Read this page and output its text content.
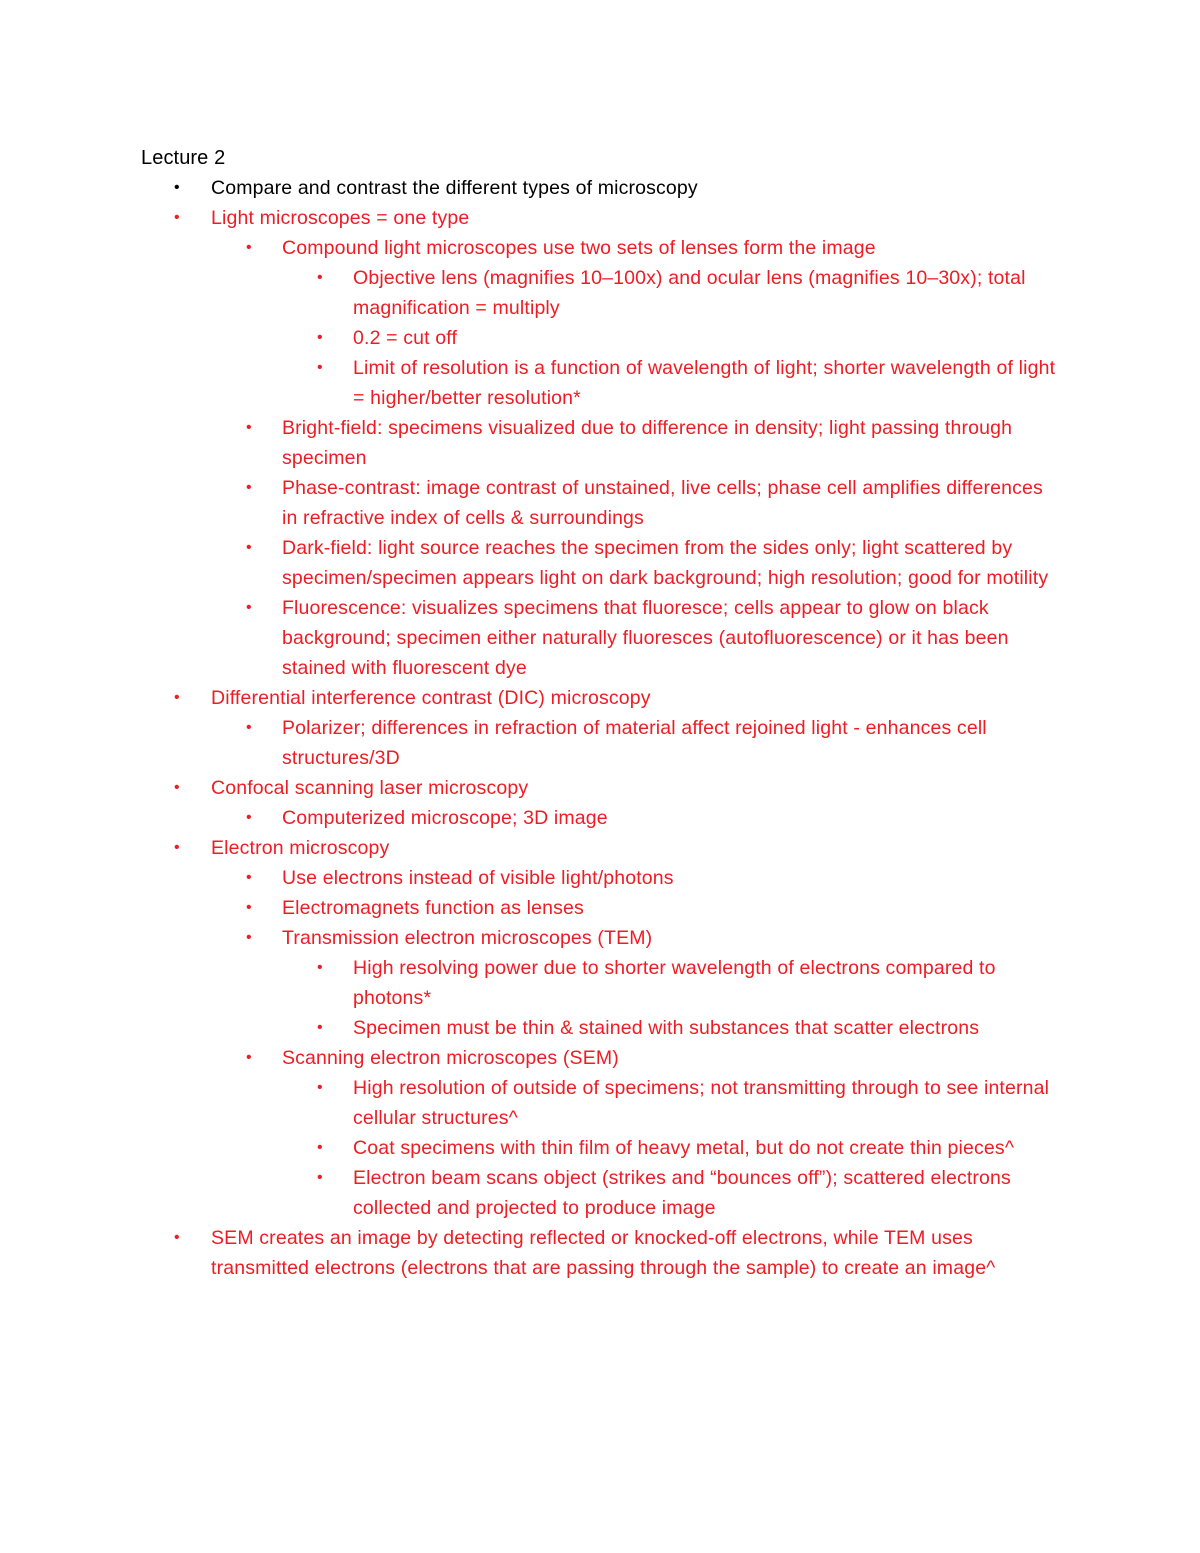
Lecture 2
• Compare and contrast the different types of microscopy
• Light microscopes = one type
• Compound light microscopes use two sets of lenses form the image
• Objective lens (magnifies 10–100x) and ocular lens (magnifies 10–30x); total magnification = multiply
• 0.2 = cut off
• Limit of resolution is a function of wavelength of light; shorter wavelength of light = higher/better resolution*
• Bright-field: specimens visualized due to difference in density; light passing through specimen
• Phase-contrast: image contrast of unstained, live cells; phase cell amplifies differences in refractive index of cells & surroundings
• Dark-field: light source reaches the specimen from the sides only; light scattered by specimen/specimen appears light on dark background; high resolution; good for motility
• Fluorescence: visualizes specimens that fluoresce; cells appear to glow on black background; specimen either naturally fluoresces (autofluorescence) or it has been stained with fluorescent dye
• Differential interference contrast (DIC) microscopy
• Polarizer; differences in refraction of material affect rejoined light - enhances cell structures/3D
• Confocal scanning laser microscopy
• Computerized microscope; 3D image
• Electron microscopy
• Use electrons instead of visible light/photons
• Electromagnets function as lenses
• Transmission electron microscopes (TEM)
• High resolving power due to shorter wavelength of electrons compared to photons*
• Specimen must be thin & stained with substances that scatter electrons
• Scanning electron microscopes (SEM)
• High resolution of outside of specimens; not transmitting through to see internal cellular structures^
• Coat specimens with thin film of heavy metal, but do not create thin pieces^
• Electron beam scans object (strikes and “bounces off”); scattered electrons collected and projected to produce image
• SEM creates an image by detecting reflected or knocked-off electrons, while TEM uses transmitted electrons (electrons that are passing through the sample) to create an image^
